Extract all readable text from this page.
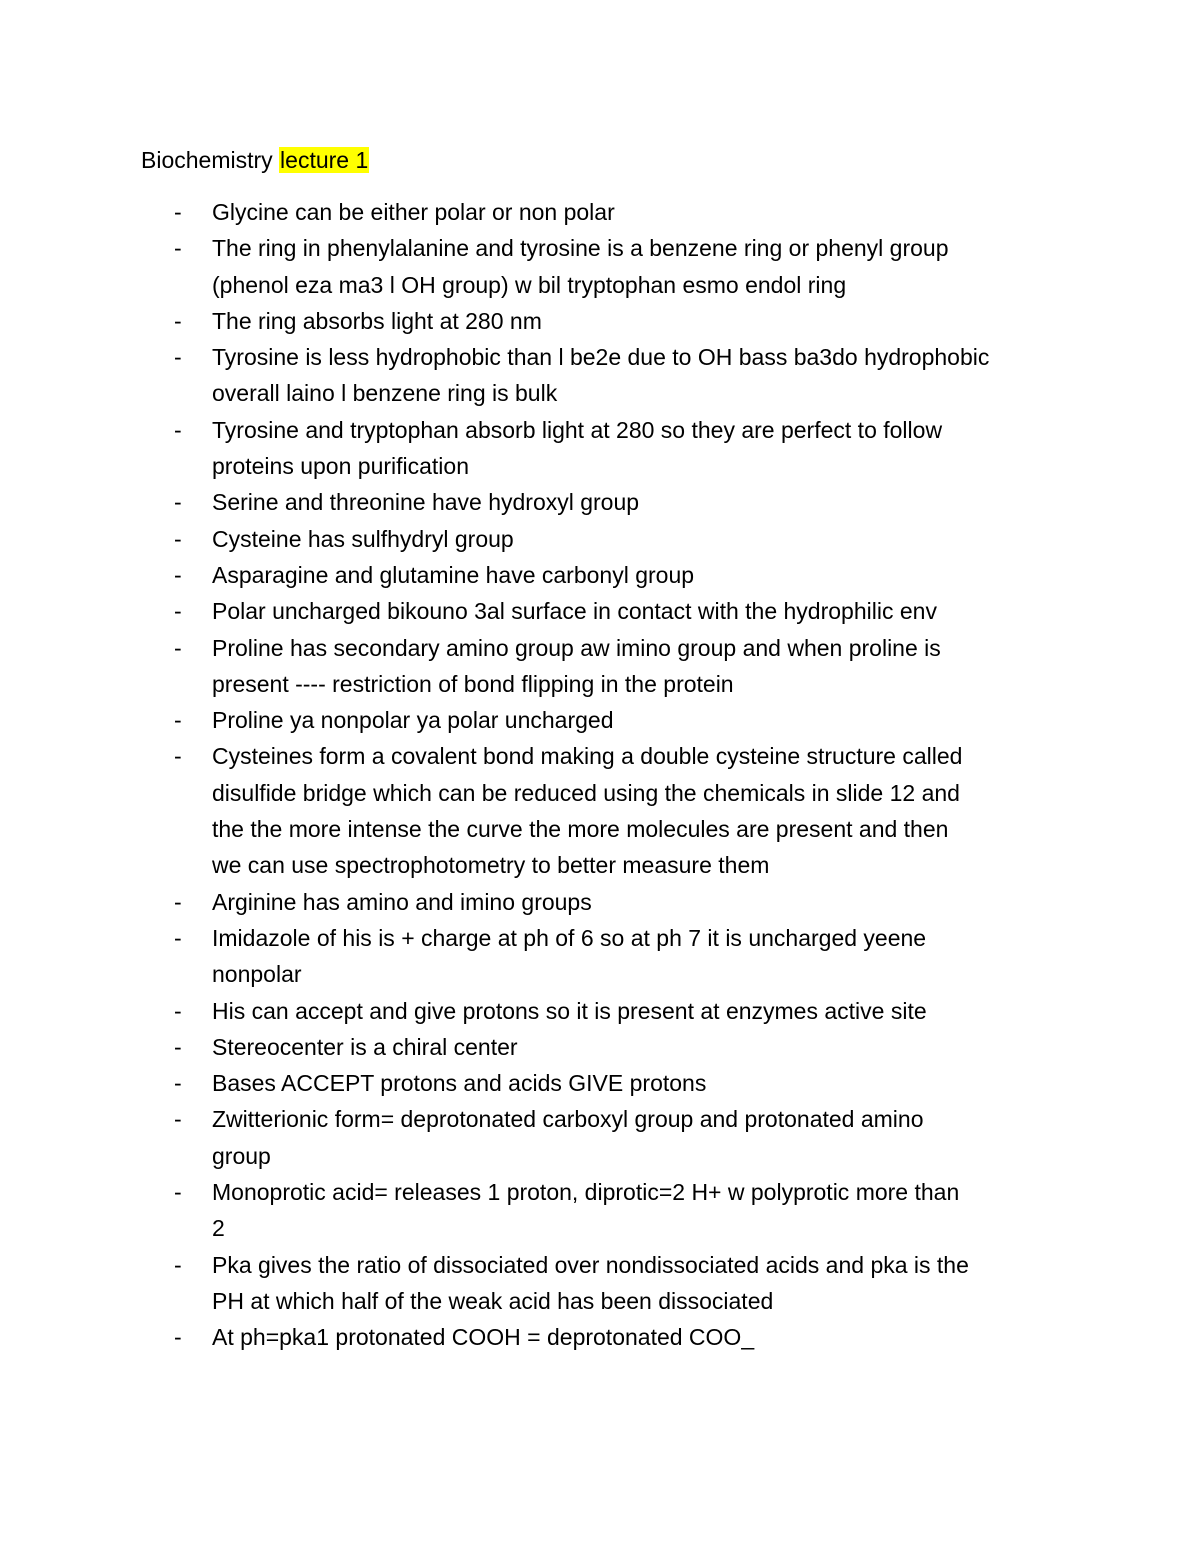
Biochemistry lecture 1
- Glycine can be either polar or non polar
- The ring in phenylalanine and tyrosine is a benzene ring or phenyl group
(phenol eza ma3 l OH group) w bil tryptophan esmo endol ring
- The ring absorbs light at 280 nm
- Tyrosine is less hydrophobic than l be2e due to OH bass ba3do hydrophobic
overall laino l benzene ring is bulk
- Tyrosine and tryptophan absorb light at 280 so they are perfect to follow
proteins upon purification
- Serine and threonine have hydroxyl group
- Cysteine has sulfhydryl group
- Asparagine and glutamine have carbonyl group
- Polar uncharged bikouno 3al surface in contact with the hydrophilic env
- Proline has secondary amino group aw imino group and when proline is
present ---- restriction of bond flipping in the protein
- Proline ya nonpolar ya polar uncharged
- Cysteines form a covalent bond making a double cysteine structure called
disulfide bridge which can be reduced using the chemicals in slide 12 and
the the more intense the curve the more molecules are present and then
we can use spectrophotometry to better measure them
- Arginine has amino and imino groups
- Imidazole of his is + charge at ph of 6 so at ph 7 it is uncharged yeene
nonpolar
- His can accept and give protons so it is present at enzymes active site
- Stereocenter is a chiral center
- Bases ACCEPT protons and acids GIVE protons
- Zwitterionic form= deprotonated carboxyl group and protonated amino
group
- Monoprotic acid= releases 1 proton, diprotic=2 H+ w polyprotic more than
2
- Pka gives the ratio of dissociated over nondissociated acids and pka is the
PH at which half of the weak acid has been dissociated
- At ph=pka1 protonated COOH = deprotonated COO_
